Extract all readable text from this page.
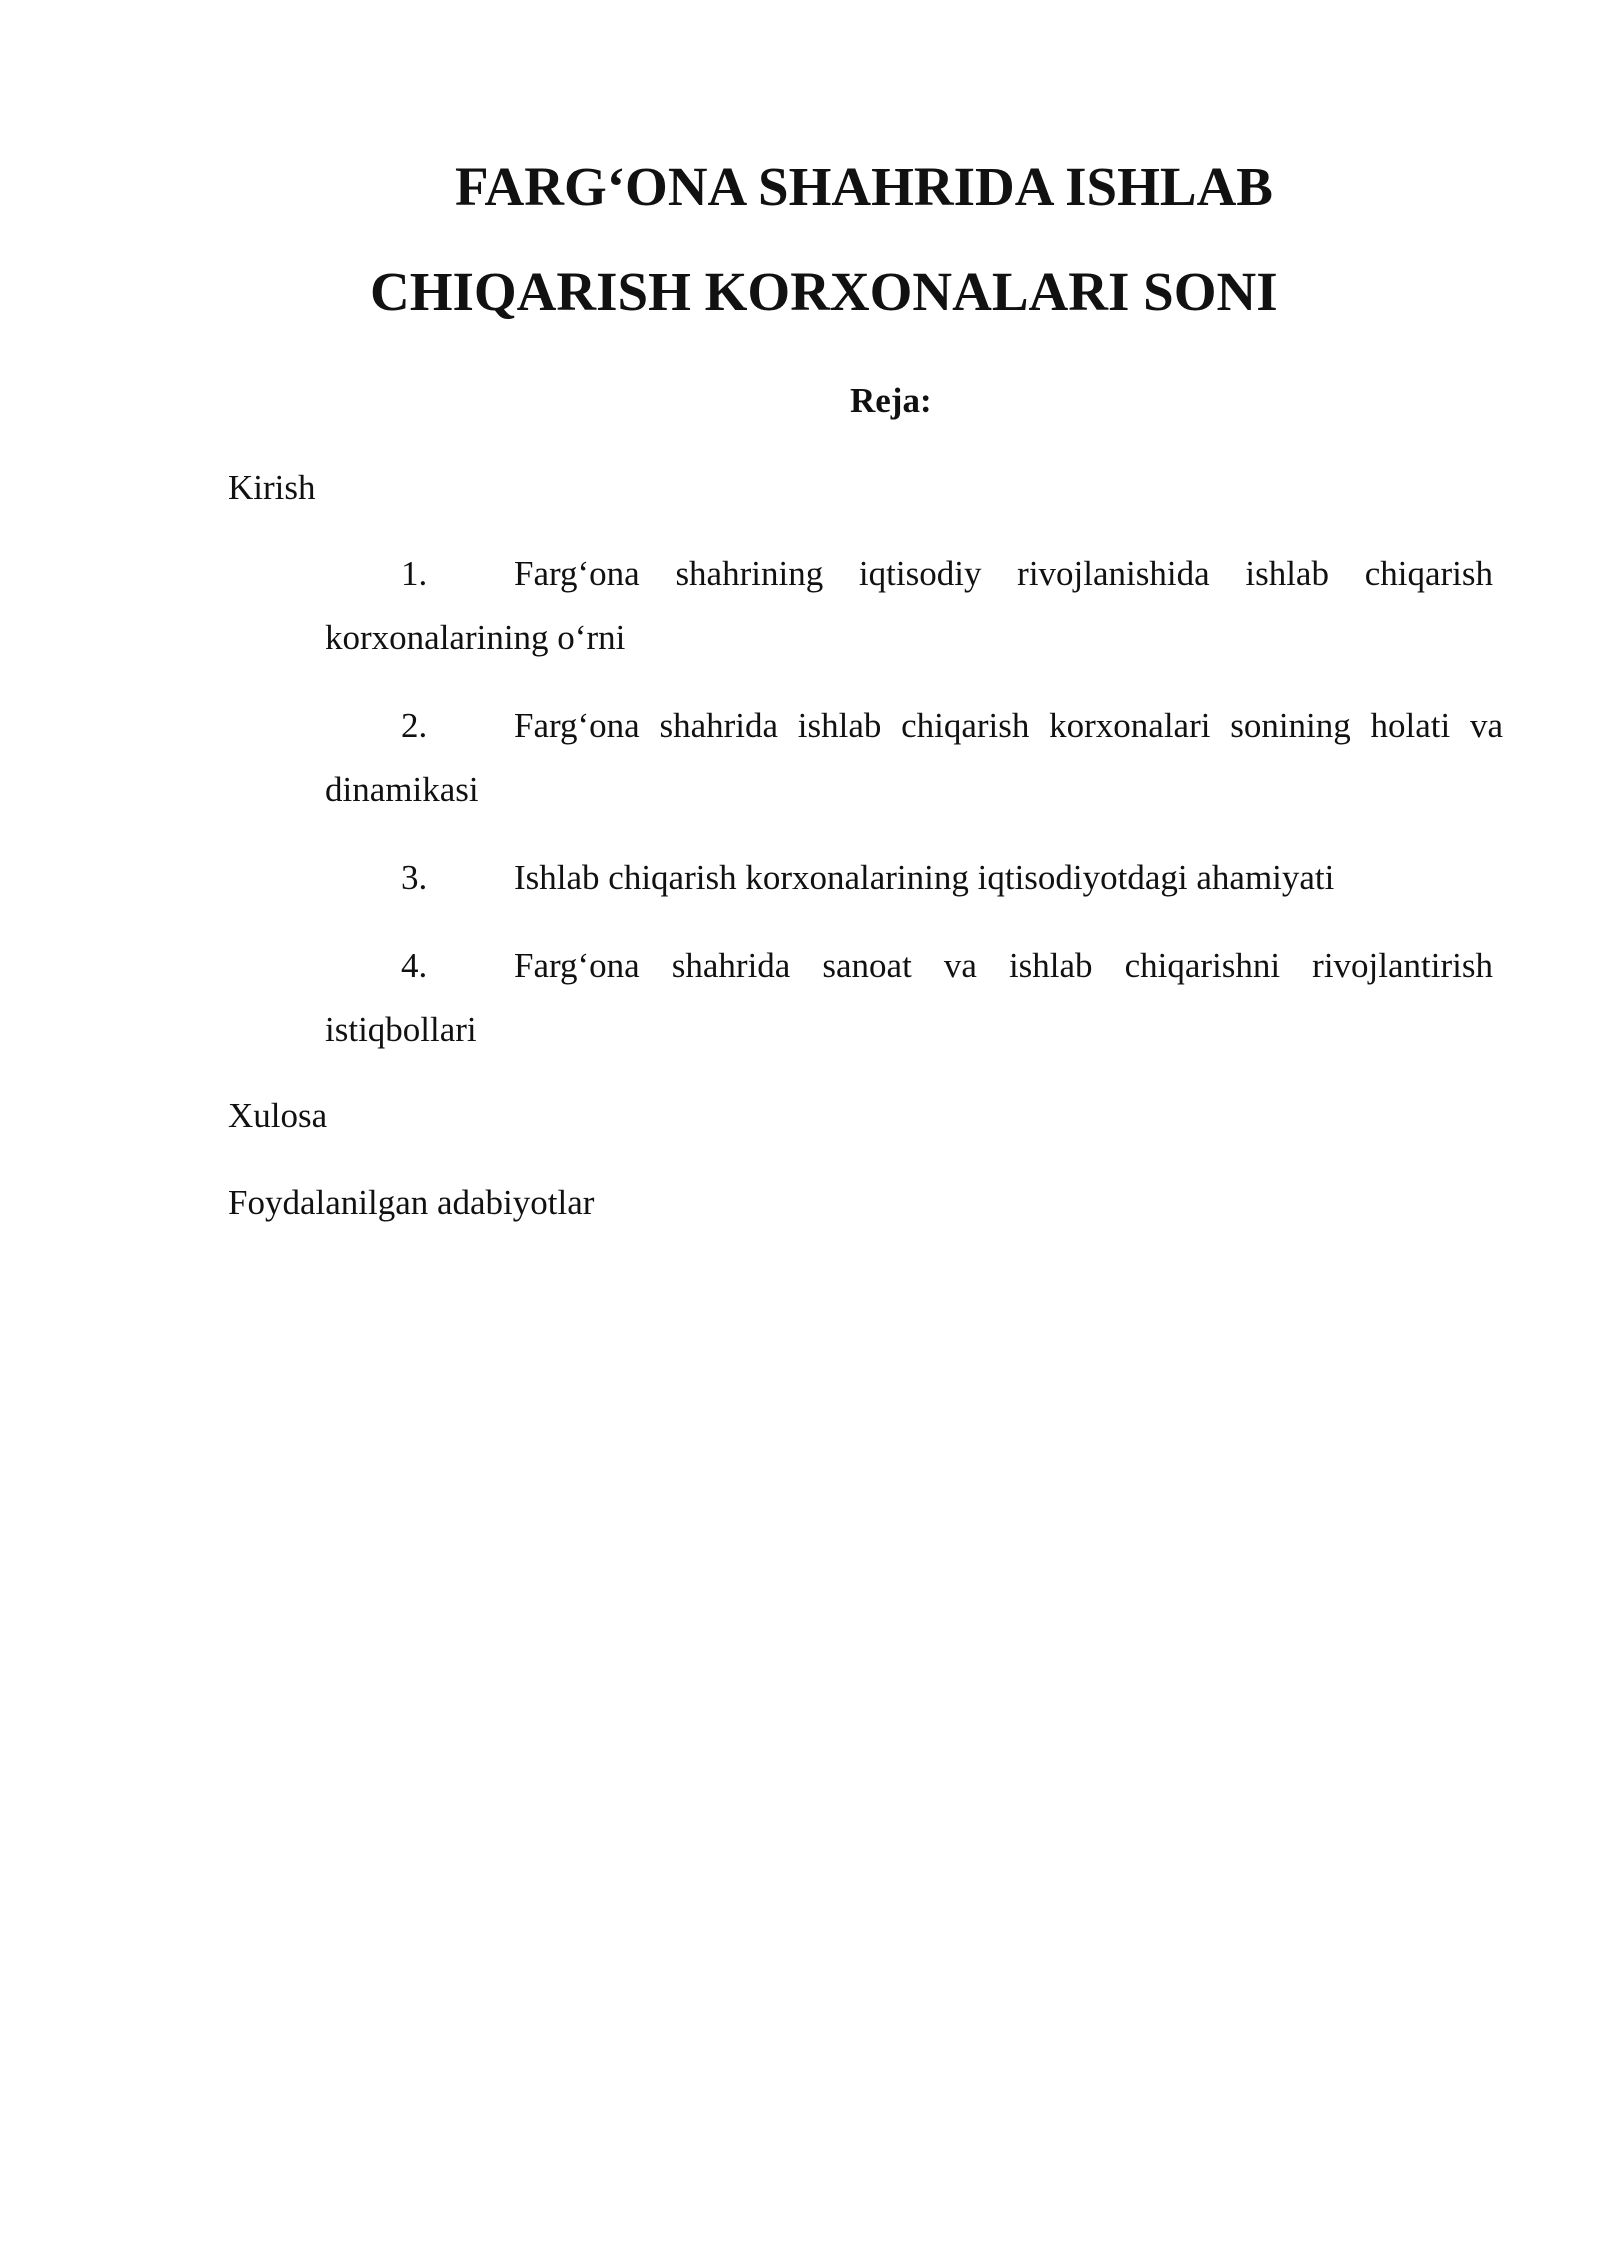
FARG‘ONA SHAHRIDA ISHLAB
CHIQARISH KORXONALARI SONI
Reja:
Kirish
1. Farg‘ona shahrining iqtisodiy rivojlanishida ishlab chiqarish
korxonalarining o‘rni
2. Farg‘ona shahrida ishlab chiqarish korxonalari sonining holati va
dinamikasi
3. Ishlab chiqarish korxonalarining iqtisodiyotdagi ahamiyati
4. Farg‘ona shahrida sanoat va ishlab chiqarishni rivojlantirish
istiqbollari
Xulosa
Foydalanilgan adabiyotlar
